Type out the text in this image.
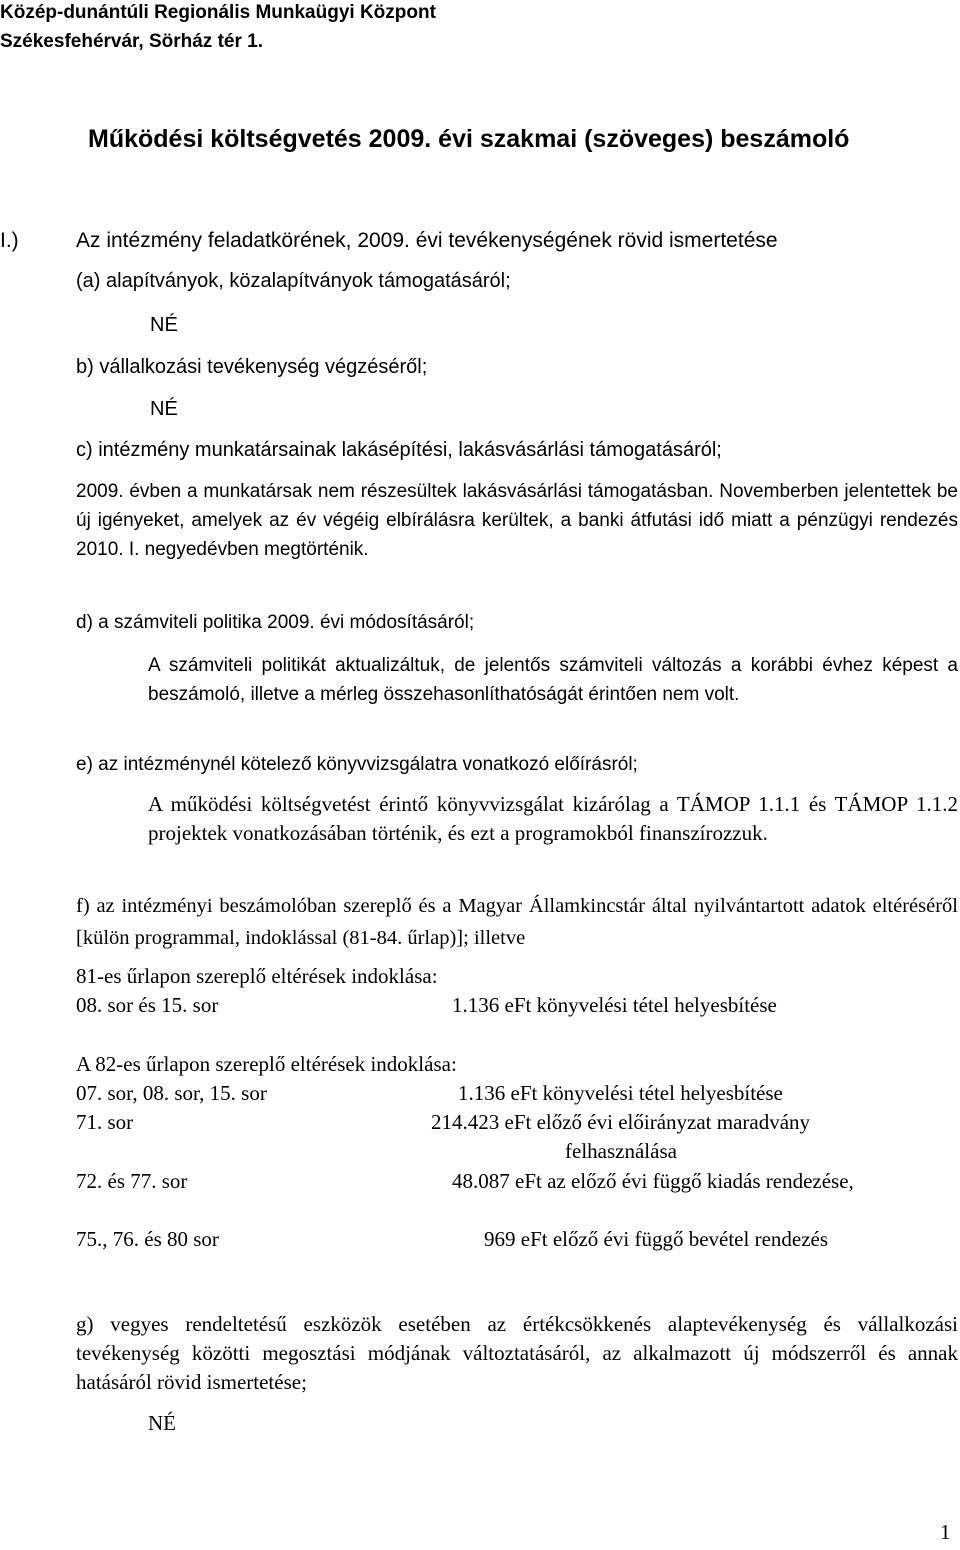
Közép-dunántúli Regionális Munkaügyi Központ
Székesfehérvár, Sörház tér 1.
Működési költségvetés 2009. évi szakmai (szöveges) beszámoló
I.)	Az intézmény feladatkörének, 2009. évi tevékenységének rövid ismertetése
(a) alapítványok, közalapítványok támogatásáról;
NÉ
b) vállalkozási tevékenység végzéséről;
NÉ
c) intézmény munkatársainak lakásépítési, lakásvásárlási támogatásáról;
2009. évben a munkatársak nem részesültek lakásvásárlási támogatásban. Novemberben jelentettek be új igényeket, amelyek az év végéig elbírálásra kerültek, a banki átfutási idő miatt a pénzügyi rendezés 2010. I. negyedévben megtörténik.
d) a számviteli politika 2009. évi módosításáról;
A számviteli politikát aktualizáltuk, de jelentős számviteli változás a korábbi évhez képest a beszámoló, illetve a mérleg összehasonlíthatóságát érintően nem volt.
e) az intézménynél kötelező könyvvizsgálatra vonatkozó előírásról;
A működési költségvetést érintő könyvvizsgálat kizárólag a TÁMOP 1.1.1 és TÁMOP 1.1.2 projektek vonatkozásában történik, és ezt a programokból finanszírozzuk.
f) az intézményi beszámolóban szereplő és a Magyar Államkincstár által nyilvántartott adatok eltéréséről [külön programmal, indoklással (81-84. űrlap)]; illetve
81-es űrlapon szereplő eltérések indoklása:
08. sor és 15. sor	1.136 eFt könyvelési tétel helyesbítése
A 82-es űrlapon szereplő eltérések indoklása:
07. sor, 08. sor, 15. sor	1.136 eFt könyvelési tétel helyesbítése
71. sor	214.423 eFt előző évi előirányzat maradvány
felhasználása
72. és 77. sor	48.087 eFt az előző évi függő kiadás rendezése,
75., 76. és 80 sor	969 eFt előző évi függő bevétel rendezés
g) vegyes rendeltetésű eszközök esetében az értékcsökkenés alaptevékenység és vállalkozási tevékenység közötti megosztási módjának változtatásáról, az alkalmazott új módszerről és annak hatásáról rövid ismertetése;
NÉ
1
